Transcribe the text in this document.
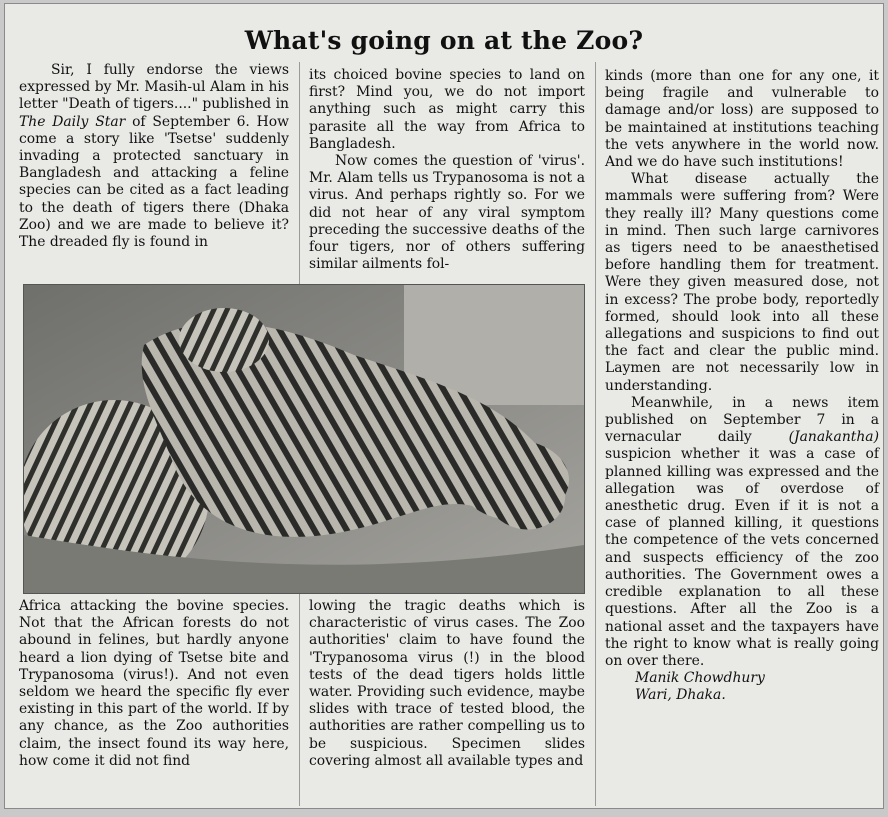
What's going on at the Zoo?

Sir, I fully endorse the views expressed by Mr. Masih-ul Alam in his letter "Death of tigers...." published in The Daily Star of September 6. How come a story like 'Tsetse' suddenly invading a protected sanctuary in Bangladesh and attacking a feline species can be cited as a fact leading to the death of tigers there (Dhaka Zoo) and we are made to believe it? The dreaded fly is found in

its choiced bovine species to land on first? Mind you, we do not import anything such as might carry this parasite all the way from Africa to Bangladesh.

Now comes the question of 'virus'. Mr. Alam tells us Trypanosoma is not a virus. And perhaps rightly so. For we did not hear of any viral symptom preceding the successive deaths of the four tigers, nor of others suffering similar ailments fol-

Africa attacking the bovine species. Not that the African forests do not abound in felines, but hardly anyone heard a lion dying of Tsetse bite and Trypanosoma (virus!). And not even seldom we heard the specific fly ever existing in this part of the world. If by any chance, as the Zoo authorities claim, the insect found its way here, how come it did not find

lowing the tragic deaths which is characteristic of virus cases. The Zoo authorities' claim to have found the 'Trypanosoma virus (!) in the blood tests of the dead tigers holds little water. Providing such evidence, maybe slides with trace of tested blood, the authorities are rather compelling us to be suspicious. Specimen slides covering almost all available types and

kinds (more than one for any one, it being fragile and vulnerable to damage and/or loss) are supposed to be maintained at institutions teaching the vets anywhere in the world now. And we do have such institutions!

What disease actually the mammals were suffering from? Were they really ill? Many questions come in mind. Then such large carnivores as tigers need to be anaesthetised before handling them for treatment. Were they given measured dose, not in excess? The probe body, reportedly formed, should look into all these allegations and suspicions to find out the fact and clear the public mind. Laymen are not necessarily low in understanding.

Meanwhile, in a news item published on September 7 in a vernacular daily (Janakantha) suspicion whether it was a case of planned killing was expressed and the allegation was of overdose of anesthetic drug. Even if it is not a case of planned killing, it questions the competence of the vets concerned and suspects efficiency of the zoo authorities. The Government owes a credible explanation to all these questions. After all the Zoo is a national asset and the taxpayers have the right to know what is really going on over there.

Manik Chowdhury
Wari, Dhaka.
